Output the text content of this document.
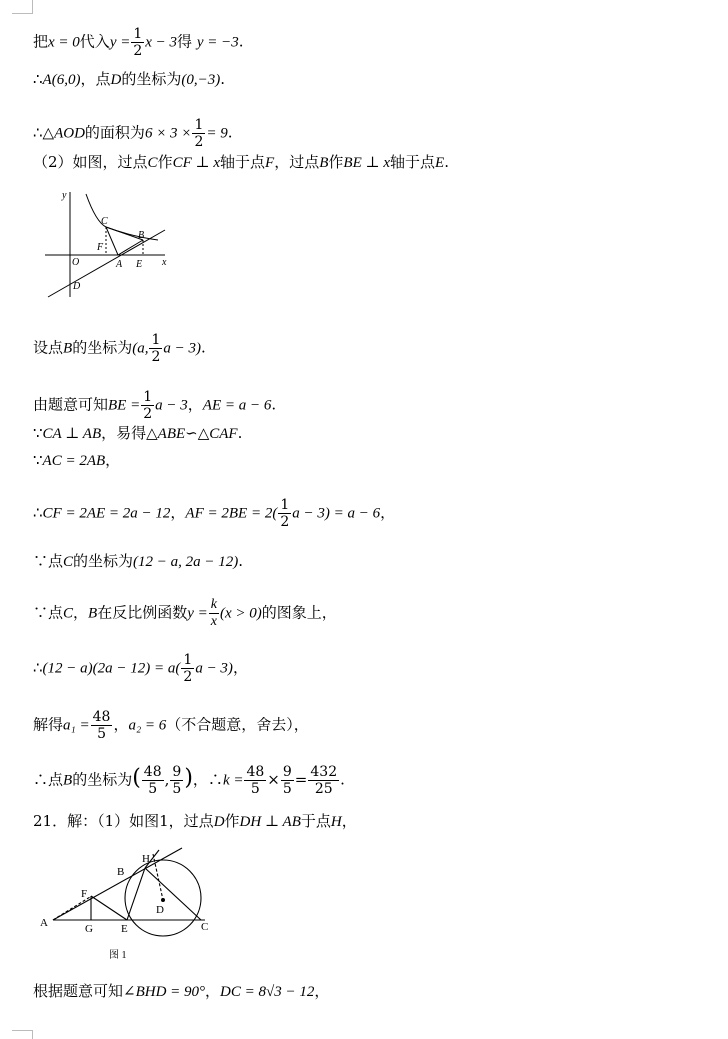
把x = 0代入$y = \frac{1}{2}$ x − 3得 y = −3.
∴A(6,0)，点D的坐标为(0,−3).
∴△AOD的面积为$6 \times 3 \times \frac{1}{2} = 9$.
（2）如图，过点C作CF ⊥ x轴于点F，过点B作BE ⊥ x轴于点E.
y
x
O	A E
B
C
F
D
设点B的坐标为(a, $\frac{1}{2}$ a − 3).
由题意可知BE = $\frac{1}{2}$ a − 3，AE = a − 6.
∵CA ⊥ AB，易得△ABE∽△CAF.
∵AC = 2AB，
∴CF = 2AE = 2a − 12，AF = $2BE = 2( \frac{1}{2}$ a − 3) = a − 6，
∵点C的坐标为(12 − a, 2a − 12).
∵点C，B在反比例函数$y = \frac{k}{x} (x > 0)$的图象上，
∴(12 − $a)(2a - 12) = a( \frac{1}{2}$ a − 3)，
解得$a_1 = \frac{48}{5}$ ，a₂ = 6（不合题意，舍去），
∴点B的坐标为( $\frac{48}{5}$ , $\frac{9}{5}$ )，∴k = $\frac{48}{5} \times \frac{9}{5} = \frac{432}{25}$ .
21．解：（1）如图1，过点D作DH ⊥ AB于点H，
A
B
C
D
E
F
G
H
图 1
根据题意可知∠BHD = 90°，DC = 8√3 − 12，
